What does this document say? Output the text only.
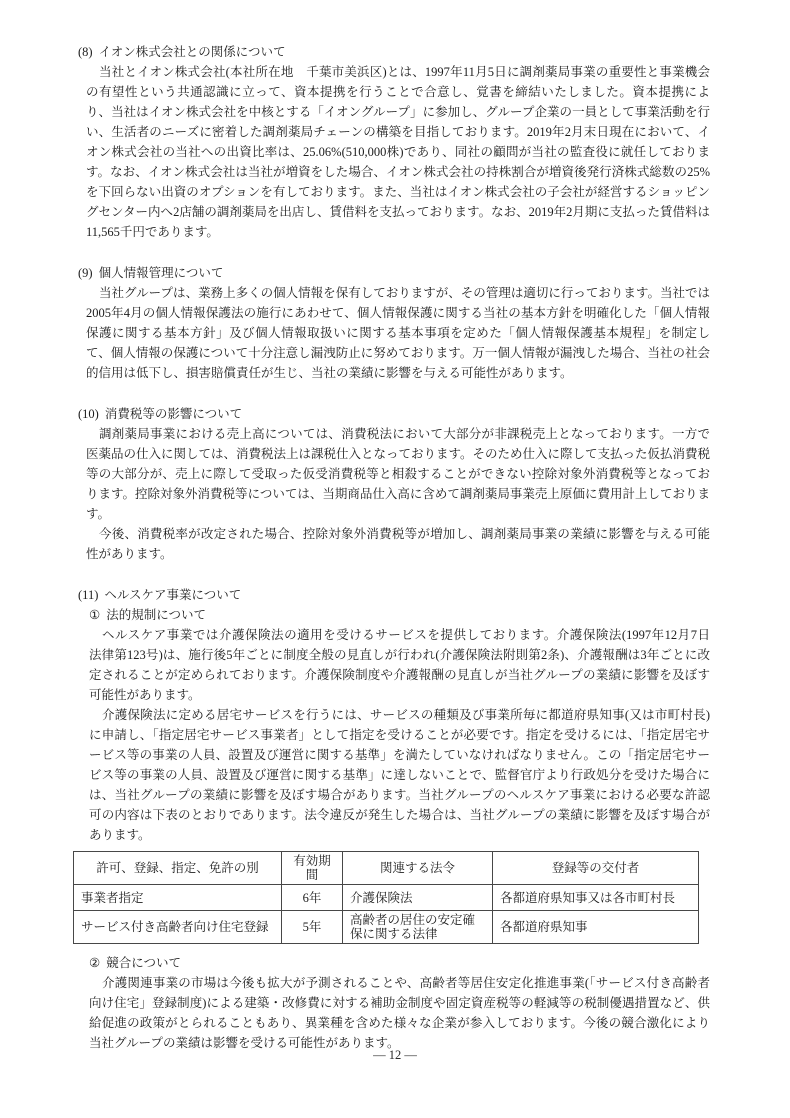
(8) イオン株式会社との関係について

当社とイオン株式会社(本社所在地　千葉市美浜区)とは、1997年11月5日に調剤薬局事業の重要性と事業機会の有望性という共通認識に立って、資本提携を行うことで合意し、覚書を締結いたしました。資本提携により、当社はイオン株式会社を中核とする「イオングループ」に参加し、グループ企業の一員として事業活動を行い、生活者のニーズに密着した調剤薬局チェーンの構築を目指しております。2019年2月末日現在において、イオン株式会社の当社への出資比率は、25.06%(510,000株)であり、同社の顧問が当社の監査役に就任しております。なお、イオン株式会社は当社が増資をした場合、イオン株式会社の持株割合が増資後発行済株式総数の25%を下回らない出資のオプションを有しております。また、当社はイオン株式会社の子会社が経営するショッピングセンター内へ2店舗の調剤薬局を出店し、賃借料を支払っております。なお、2019年2月期に支払った賃借料は11,565千円であります。

(9) 個人情報管理について

当社グループは、業務上多くの個人情報を保有しておりますが、その管理は適切に行っております。当社では2005年4月の個人情報保護法の施行にあわせて、個人情報保護に関する当社の基本方針を明確化した「個人情報保護に関する基本方針」及び個人情報取扱いに関する基本事項を定めた「個人情報保護基本規程」を制定して、個人情報の保護について十分注意し漏洩防止に努めております。万一個人情報が漏洩した場合、当社の社会的信用は低下し、損害賠償責任が生じ、当社の業績に影響を与える可能性があります。

(10) 消費税等の影響について

調剤薬局事業における売上高については、消費税法において大部分が非課税売上となっております。一方で医薬品の仕入に関しては、消費税法上は課税仕入となっております。そのため仕入に際して支払った仮払消費税等の大部分が、売上に際して受取った仮受消費税等と相殺することができない控除対象外消費税等となっております。控除対象外消費税等については、当期商品仕入高に含めて調剤薬局事業売上原価に費用計上しております。

今後、消費税率が改定された場合、控除対象外消費税等が増加し、調剤薬局事業の業績に影響を与える可能性があります。

(11) ヘルスケア事業について
① 法的規制について

ヘルスケア事業では介護保険法の適用を受けるサービスを提供しております。介護保険法(1997年12月7日　法律第123号)は、施行後5年ごとに制度全般の見直しが行われ(介護保険法附則第2条)、介護報酬は3年ごとに改定されることが定められております。介護保険制度や介護報酬の見直しが当社グループの業績に影響を及ぼす可能性があります。

介護保険法に定める居宅サービスを行うには、サービスの種類及び事業所毎に都道府県知事(又は市町村長)に申請し、「指定居宅サービス事業者」として指定を受けることが必要です。指定を受けるには、「指定居宅サービス等の事業の人員、設置及び運営に関する基準」を満たしていなければなりません。この「指定居宅サービス等の事業の人員、設置及び運営に関する基準」に達しないことで、監督官庁より行政処分を受けた場合には、当社グループの業績に影響を及ぼす場合があります。当社グループのヘルスケア事業における必要な許認可の内容は下表のとおりであります。法令違反が発生した場合は、当社グループの業績に影響を及ぼす場合があります。

許可、登録、指定、免許の別	有効期間	関連する法令	登録等の交付者
事業者指定	6年	介護保険法	各都道府県知事又は各市町村長
サービス付き高齢者向け住宅登録	5年	高齢者の居住の安定確保に関する法律	各都道府県知事
② 競合について

介護関連事業の市場は今後も拡大が予測されることや、高齢者等居住安定化推進事業(「サービス付き高齢者向け住宅」登録制度)による建築・改修費に対する補助金制度や固定資産税等の軽減等の税制優遇措置など、供給促進の政策がとられることもあり、異業種を含めた様々な企業が参入しております。今後の競合激化により当社グループの業績は影響を受ける可能性があります。

― 12 ―
